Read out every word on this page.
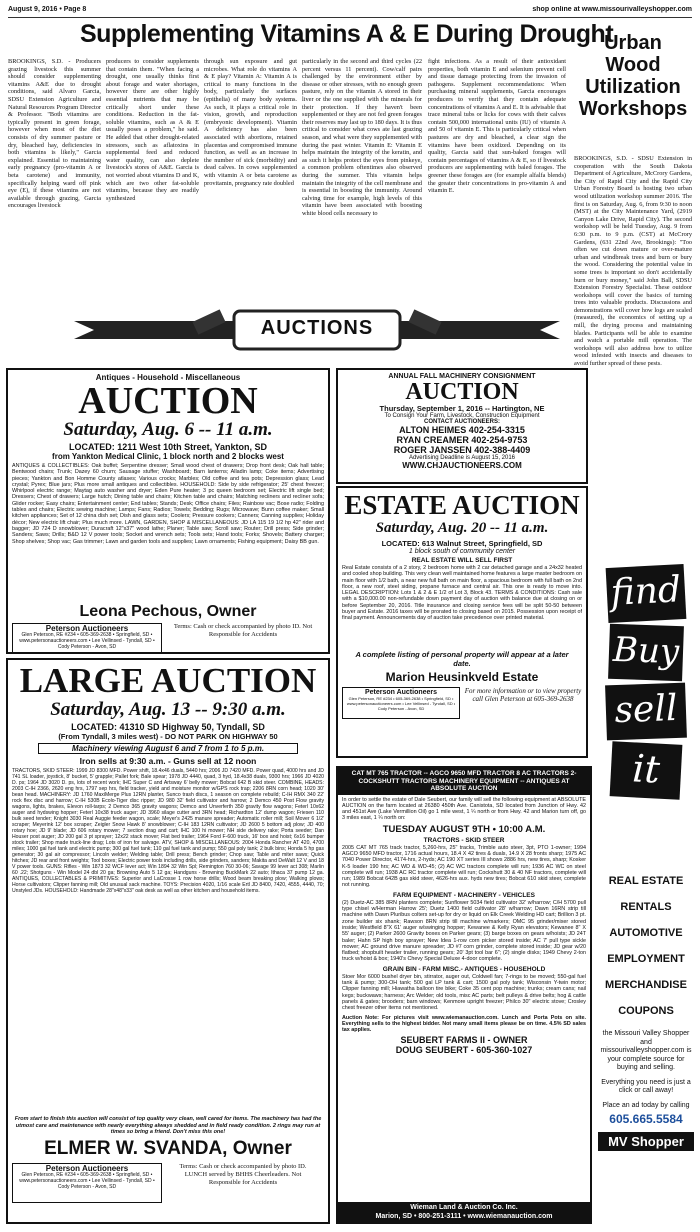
August 9, 2016 • Page 8	shop online at www.missourivalleyshopper.com
Supplementing Vitamins A & E During Drought
BROOKINGS, S.D. - Producers grazing livestock this summer should consider supplementing vitamins A&E due to drought conditions, said Alvaro Garcia, SDSU Extension Agriculture and Natural Resources Program Director & Professor. "Both vitamins are typically present in green forage, however when most of the diet consists of dry summer pasture or dry, bleached hay, deficiencies in both vitamins is likely," Garcia explained. Essential to maintaining early pregnancy (pro-vitamin A or beta carotene) and immunity, specifically helping ward off pink eye (E), if these vitamins are not available through grazing, Garcia encourages livestock
producers to consider supplements that contain them. "When facing a drought, one usually thinks first about forage and water shortages, however there are other highly essential nutrients that may be critically short under these conditions. Reduction in the fat-soluble vitamins, such as A & E usually poses a problem," he said. He added that other drought-related stressors, such as aflatoxins in supplemental feed and reduced water quality, can also deplete livestock's stores of A&E. Garcia is not worried about vitamins D and K, which are two other fat-soluble vitamins, because they are readily synthesized
through sun exposure and gut microbes. What role do vitamins A & E play? Vitamin A: Vitamin A is critical to many functions in the body, particularly the surfaces (epithelia) of many body systems. As such, it plays a critical role in vision, growth, and reproduction (embryonic development). Vitamin A deficiency has also been associated with abortions, retained placentas and compromised immune function, as well as an increase in the number of sick (morbidity) and dead calves. In cows supplemented with vitamin A or beta carotene as provitamin, pregnancy rate doubled
particularly in the second and third cycles (22 percent versus 11 percent). Cow/calf pairs challenged by the environment either by disease or other stresses, with no enough green pasture, rely on the vitamin A stored in their liver or the one supplied with the minerals for their protection. If they haven't been supplemented or they are not fed green forages their reserves may last up to 180 days. It is thus critical to consider what cows ate last grazing season, and what were they supplemented with during the past winter. Vitamin E: Vitamin E helps maintain the integrity of the keratin, and as such it helps protect the eyes from pinkeye, a common problem oftentimes also observed during the summer. This vitamin helps maintain the integrity of the cell membrane and is essential in boosting the immunity. Around calving time for example, high levels of this vitamin have been associated with boosting white blood cells necessary to
fight infections. As a result of their antioxidant properties, both vitamin E and selenium prevent cell and tissue damage protecting from the invasion of pathogens. Supplement recommendations: When purchasing mineral supplements, Garcia encourages producers to verify that they contain adequate concentrations of vitamins A and E. It is advisable that trace mineral tubs or licks for cows with their calves contain 500,000 international units (IU) of vitamin A and 50 of vitamin E. This is particularly critical when pastures are dry and bleached, a clear sign the vitamins have been oxidized. Depending on its quality, Garcia said that sun-baked forages will contain percentages of vitamins A & E, so if livestock producers are supplementing with baled forages. The greener these forages are (for example alfalfa blends) the greater their concentrations in pro-vitamin A and vitamin E.
Urban Wood Utilization Workshops
BROOKINGS, S.D. - SDSU Extension in cooperation with the South Dakota Department of Agriculture, McCrory Gardens, the City of Rapid City and the Rapid City Urban Forestry Board is hosting two urban wood utilization workshop summer 2016. The first is on Saturday, Aug. 6, from 9:30 to noon (MST) at the City Maintenance Yard, (2919 Canyon Lake Drive, Rapid City). The second workshop will be held Tuesday, Aug. 9 from 6:30 p.m. to 9 p.m. (CST) at McCrory Gardens, (631 22nd Ave, Brookings): "Too often we cut down mature or over-mature urban and windbreak trees and burn or bury the wood. Considering the potential value in some trees is important so don't accidentally burn or bury money," said John Ball, SDSU Extension Forestry Specialist. These outdoor workshops will cover the basics of turning trees into valuable products. Discussions and demonstrations will cover how logs are scaled (measured), the economics of setting up a mill, the drying process and maintaining blades. Participants will be able to examine and watch a portable mill operation. The workshops will also address how to utilize wood infested with insects and diseases to avoid further spread of these pests.
AUCTIONS
Antiques - Household - Miscellaneous
AUCTION
Saturday, Aug. 6 -- 11 a.m.
LOCATED: 1211 West 10th Street, Yankton, SD
from Yankton Medical Clinic, 1 block north and 2 blocks west
ANTIQUES & COLLECTIBLES: Oak buffet; Serpentine dresser; Small wood chest of drawers; Drop front desk; Oak hall table; Bentwood chairs; Trunk; Dazey 60 churn; Sausage stuffer; Washboard; Barn lanterns; Alladin lamp; Coke items; Advertising pieces; Yankton and Bon Homme County atlases; Various crocks; Marbles; Old coffee and tea pots; Depression glass; Lead crystal; Pyrex; Blue jars; Plus more small antiques and collectibles. HOUSEHOLD: Side by side refrigerator; 25' chest freezer; Whirlpool electric range; Maytag auto washer and dryer; Eden Pure heater; 3 pc queen bedroom set; Electric lift single bed; Dressers; Chest of drawers; Large hutch; Dining table and chairs; Kitchen table and chairs; Matching recliners and recliner sofa; Glider rocker; Easy chairs; Entertainment center; End tables; Stands; Desk; Office chairs; Files; Rainbow vac; Bose radio; Folding tables and chairs; Electric sewing machine; Lamps; Fans; Radios; Towels; Bedding; Rugs; Microwave; Bunn coffee maker; Small kitchen appliances; Set of 12 china dish set; Dish and glass sets; Coolers; Pressure cookers; Canners; Canning supplies; Holiday décor; New electric lift chair; Plus much more. LAWN, GARDEN, SHOP & MISCELLANEOUS: JD LA 115 19 1/2 hp 42" rider and bagger; JD 724 D snowblower; Duracraft 12"x37" wood lathe; Planer; Table saw; Scroll saw; Router; Drill press; Side grinder; Sanders; Saws; Drills; B&D 12 V power tools; Socket and wrench sets; Tools sets; Hand tools; Forks; Shovels; Battery charger; Shop shelves; Shop vac; Gas trimmer; Lawn and garden tools and supplies; Lawn ornaments; Fishing equipment; Daisy BB gun.
Leona Pechous, Owner
Peterson Auctioneers
Glen Peterson, RE #234 • 605-369-2638 • Springfield, SD • www.petersonauctioneers.com • Lee Vellinsed - Tyndall, SD • Cody Peterson - Avon, SD
Terms: Cash or check accompanied by photo ID. Not Responsible for Accidents
ANNUAL FALL MACHINERY CONSIGNMENT
AUCTION
Thursday, September 1, 2016 -- Hartington, NE
To Consign Your Farm, Livestock, Construction Equipment
CONTACT AUCTIONEERS:
ALTON HEIMES 402-254-3315
RYAN CREAMER 402-254-9753
ROGER JANSSEN 402-388-4409
Advertising Deadline is August 15, 2016
WWW.CHJAUCTIONEERS.COM
ESTATE AUCTION
Saturday, Aug. 20 -- 11 a.m.
LOCATED: 613 Walnut Street, Springfield, SD
1 block south of community center
REAL ESTATE WILL SELL FIRST
Real Estate consists of a 2 story, 2 bedroom home with 2 car detached garage and a 24x32 heated and cooled shop building. This very clean well maintained home features a large master bedroom on main floor with 1/2 bath, a near new full bath on main floor, a spacious bedroom with full bath on 2nd floor, a new roof, steel siding, propane furnace and central air. This one is ready to move into. LEGAL DESCRIPTION: Lots 1 & 2 & E 1/2 of Lot 3, Block 43. TERMS & CONDITIONS: Cash sale with a $10,000.00 non-refundable down payment day of auction with balance due at closing on or before September 20, 2016. Title insurance and closing service fees will be split 50-50 between buyer and Estate. 2016 taxes will be prorated to closing based on 2015. Possession upon receipt of final payment. Announcements day of auction take precedence over printed material.
A complete listing of personal property will appear at a later date.
Marion Heusinkveld Estate
Peterson Auctioneers
Glen Peterson, RE #234 • 605-369-2638 • Springfield, SD • www.petersonauctioneers.com • Lee Vellinsed - Tyndall, SD • Cody Peterson - Avon, SD
For more information or to view property call Glen Peterson at 605-369-2638
LARGE AUCTION
Saturday, Aug. 13 -- 9:30 a.m.
LOCATED: 41310 SD Highway 50, Tyndall, SD
(From Tyndall, 3 miles west) - DO NOT PARK ON HIGHWAY 50
Machinery viewing August 6 and 7 from 1 to 5 p.m.
Iron sells at 9:30 a.m. - Guns sell at 12 noon
TRACTORS, SKID STEER: 1999 JD 8300 MFD. Power shift, 18.4x46 duals, 5440 hrs; 2006 JD 7420 MFD. Power quad, 4000 hrs and JD 741 SL loader, joystick, 8' bucket, 5' grapple; Pallet fork; Bale spear; 1978 JD 4440, quad, 3 hyd, 18.4x38 duals, 9300 hrs; 1966 JD 4020 D. ps; 1964 JD 3020 D. ps, lots of recent work; IHC Super C and Artsway 6' belly mower; Bobcat 642 B skid steer. COMBINE, HEADS: 2003 C-IH 2366, 2620 eng hrs, 1797 sep hrs, field tracker, yield and moisture monitor w/GPS rock trap; 2206 8RN corn head; 1020 30' bean head. MACHINERY: JD 1760 MaxiMerge Plus 12RN planter, Sunco trash discs, 1 season on complete rebuild; C-IH RMX 340 22' rock flex disc and harrow; C-IH 530B Ecolo-Tiger disc ripper; JD 980 32' field cultivator and harrow; 2 Demco 450 Post Flow gravity wagons, lights, brakes, Elevon roll-tarps; 2 Demco 365 gravity wagons; Demco and Unverferth 350 gravity flow wagons; Feterl 10x62 auger and hydswing hopper; Feterl 10x38 truck auger; JD 3960 silage cutter and 3RN head; Richardton 12' dump wagon; Friesen 110 bulk seed tender; Knight 3030 Real Auggie feeder wagon, scale; Meyer's 2425 manure spreader; Automatic roller mill; Soil Mover 6 1/2' scraper; Meyerink 12' box scraper; Zeigler Snow Hawk 8' snowblower; C-IH 183 12RN cultivator; JD 2600 5 bottom adj plow; JD 400 rotary hoe; JD 9' blade; JD 606 rotary mower; 7 section drag and cart; IHC 100 hi mower; NH side delivery rake; Porta seeder; Dan Houser post auger; JD 200 gal 3 pt sprayer; 12x22 stack mover; Flat bed trailer; 1964 Ford F-600 truck, 16' box and hoist; 6x16 bumper stock trailer; Shop made truck-line drag; Lots of iron for salvage. ATV, SHOP & MISCELLANEOUS: 2004 Honda Rancher AT 420, 4700 miles; 1000 gal fuel tank and electric pump; 300 gal fuel tank; 110 gal fuel tank and pump; 550 gal poly tank; 2 bulk bins; Honda 5 hp gas generator; 30 gal air compressor; Lincoln welder; Welding table; Drill press; Bench grinder; Chop saw; Table and miter saws; Quick hitches; JD rear and front weights; Tool boxes; Electric power tools including drills, side grinders, sanders; Makita and DeWalt 12 V and 18 V power tools. GUNS: Rifles - Win 1873 32 WCF lever act; Win 1894 32 Win Spl; Remington 760 30-06; Savage 99 lever act 308; Marlin 60 .22; Shotguns - Win Model 24 dbl 20 ga; Browning Auto 5 12 ga; Handguns - Browning BuckMark 22 auto; Ithaca 37 pump 12 ga. ANTIQUES, COLLECTABLES & PRIMITIVES: Superior and LaCrosse 1 row horse drills; Wood beam breaking plow; Walking plows; Horse cultivators; Clipper fanning mill; Old unusual sack machine. TOYS: Precision 4020, 1/16 scale Ertl JD 8400, 7420, 4555, 4440, 70; Unstyled JDs. HOUSEHOLD: Handmade 28"x48"x33" oak desk as well as other kitchen and household items.
From start to finish this auction will consist of top quality very clean, well cared for items. The machinery has had the utmost care and maintenance with nearly everything always shedded and in field ready condition. 2 rings may run at times so bring a friend. Don't miss this one!
ELMER W. SVANDA, Owner
Peterson Auctioneers
Glen Peterson, RE #234 • 605-369-2638 • Springfield, SD • www.petersonauctioneers.com • Lee Vellinsed - Tyndall, SD • Cody Peterson - Avon, SD
Terms: Cash or check accompanied by photo ID. LUNCH served by BHHS Cheerleaders. Not Responsible for Accidents
CAT MT 765 TRACTOR -- AGCO 9650 MFD TRACTOR 8 AC TRACTORS 2-COCKSHUTT TRACTORS MACHINERY EQUIPMENT -- ANTIQUES AT ABSOLUTE AUCTION
In order to settle the estate of Dale Seubert, our family will sell the following equipment at ABSOLUTE AUCTION on the farm located at 26380 450th Ave. Canistota, SD located from Junction of Hwy. 42 and 451st Ave (Lake Vermillion Oil) go 1 mile west, 1 ¼ north or from Hwy. 42 and Marion turn off, go 3 miles east, 1 ¼ north on:
TUESDAY AUGUST 9TH • 10:00 A.M.
TRACTORS - SKID STEER
2005 CAT MT 765 track tractor, 5,260-hrs, 25" tracks, Trimble auto steer, 3pt, PTO 1-owner; 1994 AGCO 9650 MFD tractor, 1716 actual hours, 18.4 X 42 tires & duals, 14.9 X 28 fronts sharp; 1975 AC 7040 Power Director, 4174-hrs, 2-hyds; AC 190 XT series III shows 2886 hrs, new tires, sharp; Kosker K-5 loader 190 hrs; AC WD & WD-45; (2) AC WC tractors complete will run; 1936 AC WC on steel complete will run; 1938 AC RC tractor complete will run; Cockshutt 30 & 40 NF tractors, complete will run; 1989 Bobcat 642B gas skid steer, 4626-hrs aux. hyds new tires; Bobcat 610 skid steer, complete not running.
FARM EQUIPMENT - MACHINERY - VEHICLES
(2) Duetz-AC 385 8RN planters complete; Sunflower 5034 field cultivator 32' w/harrow; C/H 5700 pull type chisel w/Herman Harrow 25'; Duetz 1400 field cultivator 28' w/harrow; Dawn 16RN strip till machine with Dawn Pluribus colters set-up for dry or liquid on Elk Creek Welding HD cart; Brillion 3 pt. zone builder six shank; Rawson 8RN strip till machine w/markers; OMC 95 grinder/mixer stored inside; Westfield 8"X 61' auger w/swinging hopper; Kewanee & Kelly Ryan elevators; Kewanee 8" X 55' auger; (2) Parker 2600 Gravity boxes on Parker gears; (3) barge boxes on gears w/hoists; JD 24T baler; Hahn SP high boy sprayer; New Idea 1-row corn picker stored inside; AC 7' pull type sickle mower; AC ground drive manure spreader; JD #7 corn grinder, complete stored inside; JD gear w/20 flatbed; shopbuilt header trailer, running gears; 20' 3pt tool bar 6"; (2) single disks; 1949 Chevy 2-ton truck w/hoist & box; 1940's Chevy Special Deluxe 4-door complete.
GRAIN BIN - FARM MISC.- ANTIQUES - HOUSEHOLD
Stoer Mor 6000 bushel dryer bin, stirrator, auger out, Coldwell fan; 7-rings to be moved; 550-gal fuel tank & pump; 300-OH tank; 500 gal LP tank & cart; 1500 gal poly tank; Wisconsin Y-twin motor; Clipper fanning mill; Hiawatha balloon tire bike; Coke 35 cent pop machine; trunks; cream cans; nail kegs; buckwaws; harness; Arc Welder; old tools, misc AC parts; belt pulleys & drive belts; hog & cattle panels & gates; brooders; barn windows; Kenmore upright freezer; Philco 30" electric stove; Crosley chest freezer other items not mentioned.
Auction Note: For pictures visit www.wiemanauction.com. Lunch and Porta Pots on site. Everything sells to the highest bidder. Not many small items please be on time. 4.5% SD sales tax applies.
SEUBERT FARMS II - OWNER
DOUG SEUBERT - 605-360-1027
Wieman Land & Auction Co. Inc.
Marion, SD • 800-251-3111 • www.wiemanauction.com
find
Buy
sell
it
REAL ESTATE
RENTALS
AUTOMOTIVE
EMPLOYMENT
MERCHANDISE
COUPONS
the Missouri Valley Shopper and missourivalleyshopper.com is your complete source for buying and selling.
Everything you need is just a click or call away!
Place an ad today by calling
605.665.5584
MV Shopper
